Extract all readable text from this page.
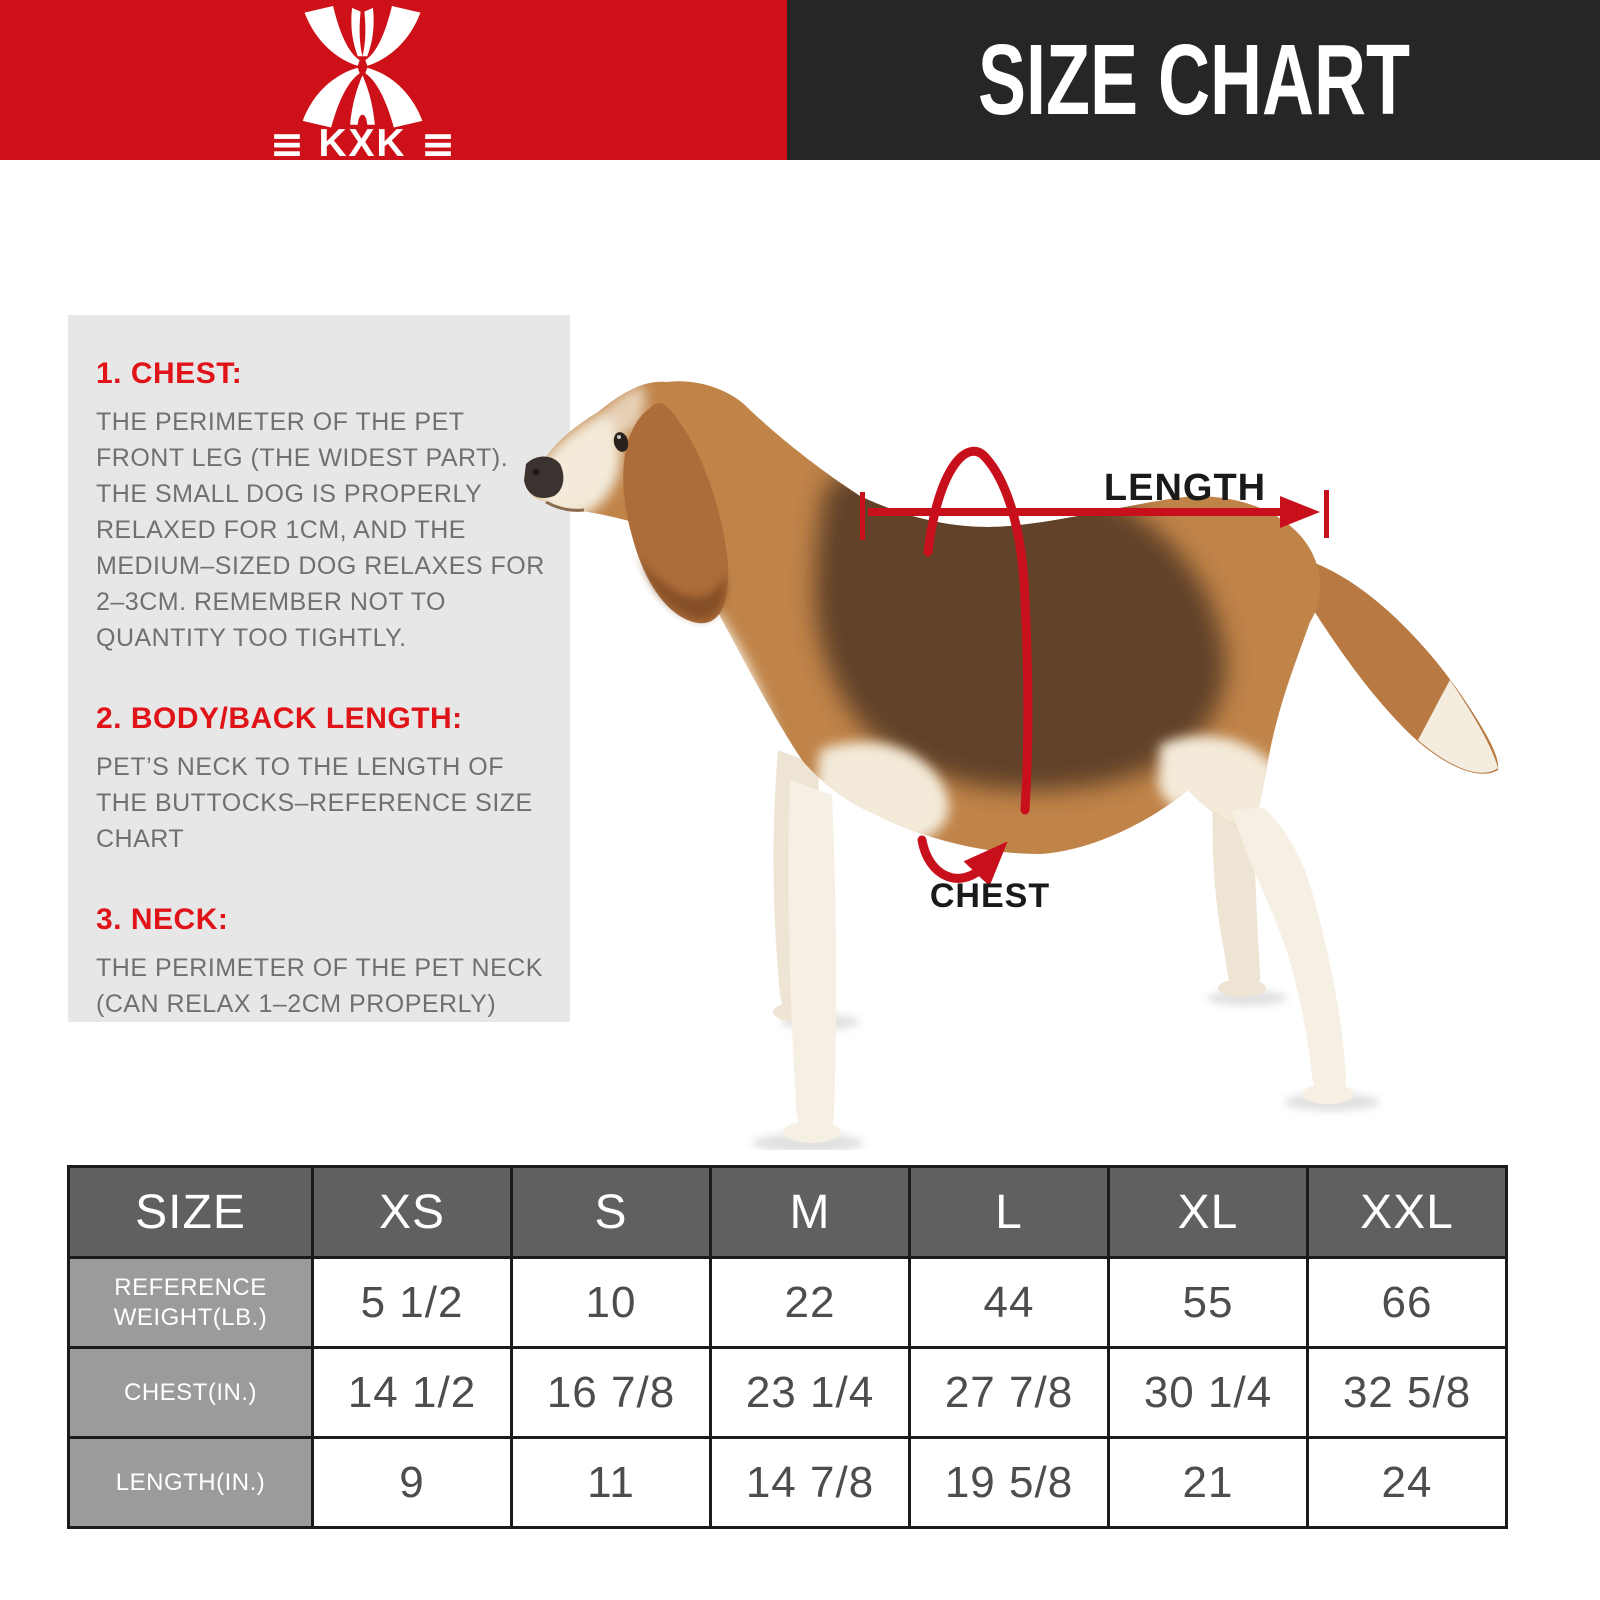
KXK
SIZE CHART
1. CHEST:

THE PERIMETER OF THE PET FRONT LEG (THE WIDEST PART). THE SMALL DOG IS PROPERLY RELAXED FOR 1CM, AND THE MEDIUM–SIZED DOG RELAXES FOR 2–3CM. REMEMBER NOT TO QUANTITY TOO TIGHTLY.

2. BODY/BACK LENGTH:

PET’S NECK TO THE LENGTH OF THE BUTTOCKS–REFERENCE SIZE CHART

3. NECK:

THE PERIMETER OF THE PET NECK (CAN RELAX 1–2CM PROPERLY)

LENGTH
CHEST
SIZE	XS	S	M	L	XL	XXL
REFERENCE WEIGHT(LB.)	5 1/2	10	22	44	55	66
CHEST(IN.)	14 1/2	16 7/8	23 1/4	27 7/8	30 1/4	32 5/8
LENGTH(IN.)	9	11	14 7/8	19 5/8	21	24
